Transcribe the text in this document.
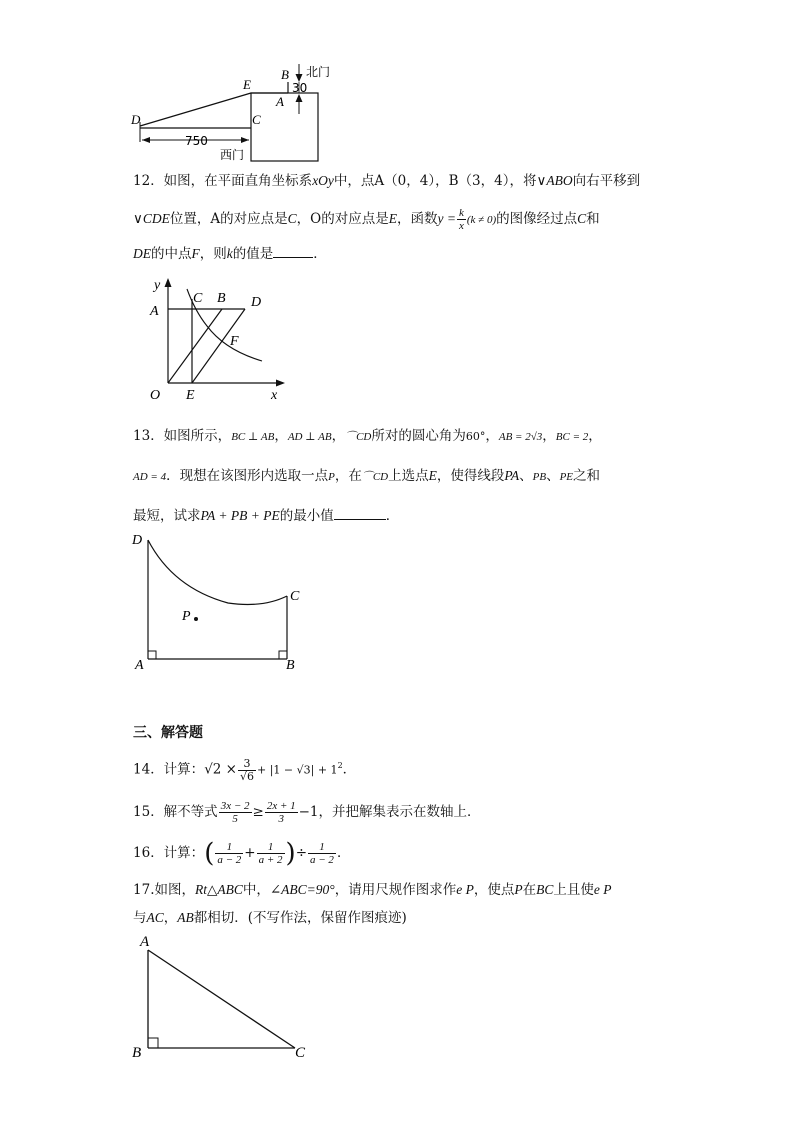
D
E
B
A
C
30
750
北门
西门
12．如图，在平面直角坐标系xOy中，点A（0，4），B（3，4），将∨ABO向右平移到
∨CDE位置，A的对应点是C，O的对应点是E，函数$y = \frac{k}{x} (k \ne 0)$的图像经过点C和
DE的中点F，则k的值是	．
y
A
C B D
F
O E	x
13．如图所示，BC ⊥ AB，AD ⊥ AB，⌒CD所对的圆心角为60°，AB = 2√3，BC = 2，
AD = 4．现想在该图形内选取一点P，在⌒CD上选点E，使得线段PA、PB、PE之和
最短，试求PA + PB + PE的最小值	．
D
C
P
A	B
三、解答题
14．计算：$√2 \times \frac{3}{√6} + |1 - √3| + 1^2$．
15．解不等式 $\frac{3x - 2}{5} \ge \frac{2x + 1}{3} -1$，并把解集表示在数轴上．
16．计算：( $\frac{1}{a - 2} + \frac{1}{a + 2}$ )÷ $\frac{1}{a - 2}$ ．
17.如图，Rt△ABC中，∠ABC=90°，请用尺规作图求作e P，使点P在BC上且使e P
与AC，AB都相切．(不写作法，保留作图痕迹)
A
B	C
